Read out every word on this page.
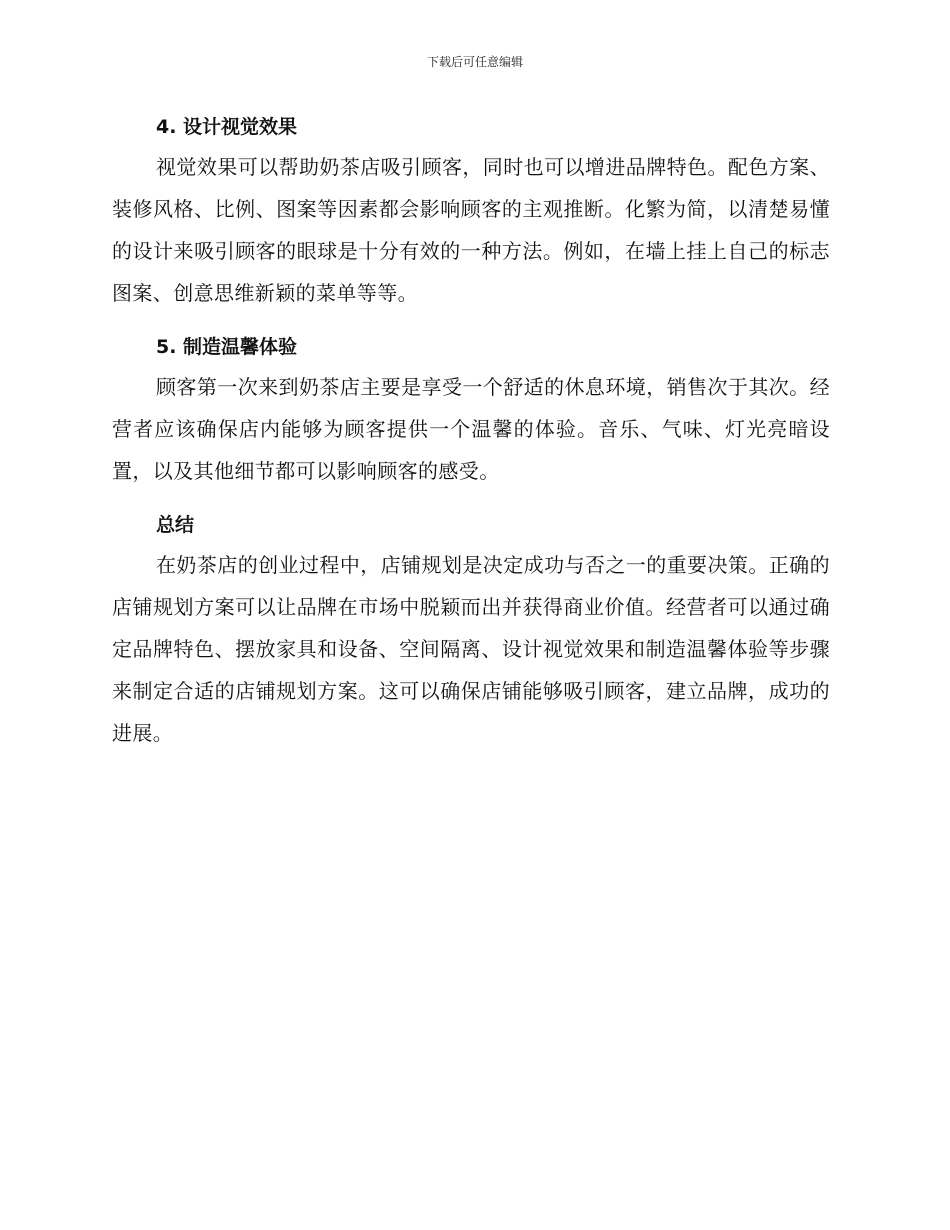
下载后可任意编辑
4. 设计视觉效果

视觉效果可以帮助奶茶店吸引顾客，同时也可以增进品牌特色。配色方案、装修风格、比例、图案等因素都会影响顾客的主观推断。化繁为简，以清楚易懂的设计来吸引顾客的眼球是十分有效的一种方法。例如，在墙上挂上自己的标志图案、创意思维新颖的菜单等等。

5. 制造温馨体验

顾客第一次来到奶茶店主要是享受一个舒适的休息环境，销售次于其次。经营者应该确保店内能够为顾客提供一个温馨的体验。音乐、气味、灯光亮暗设置，以及其他细节都可以影响顾客的感受。

总结

在奶茶店的创业过程中，店铺规划是决定成功与否之一的重要决策。正确的店铺规划方案可以让品牌在市场中脱颖而出并获得商业价值。经营者可以通过确定品牌特色、摆放家具和设备、空间隔离、设计视觉效果和制造温馨体验等步骤来制定合适的店铺规划方案。这可以确保店铺能够吸引顾客，建立品牌，成功的进展。
